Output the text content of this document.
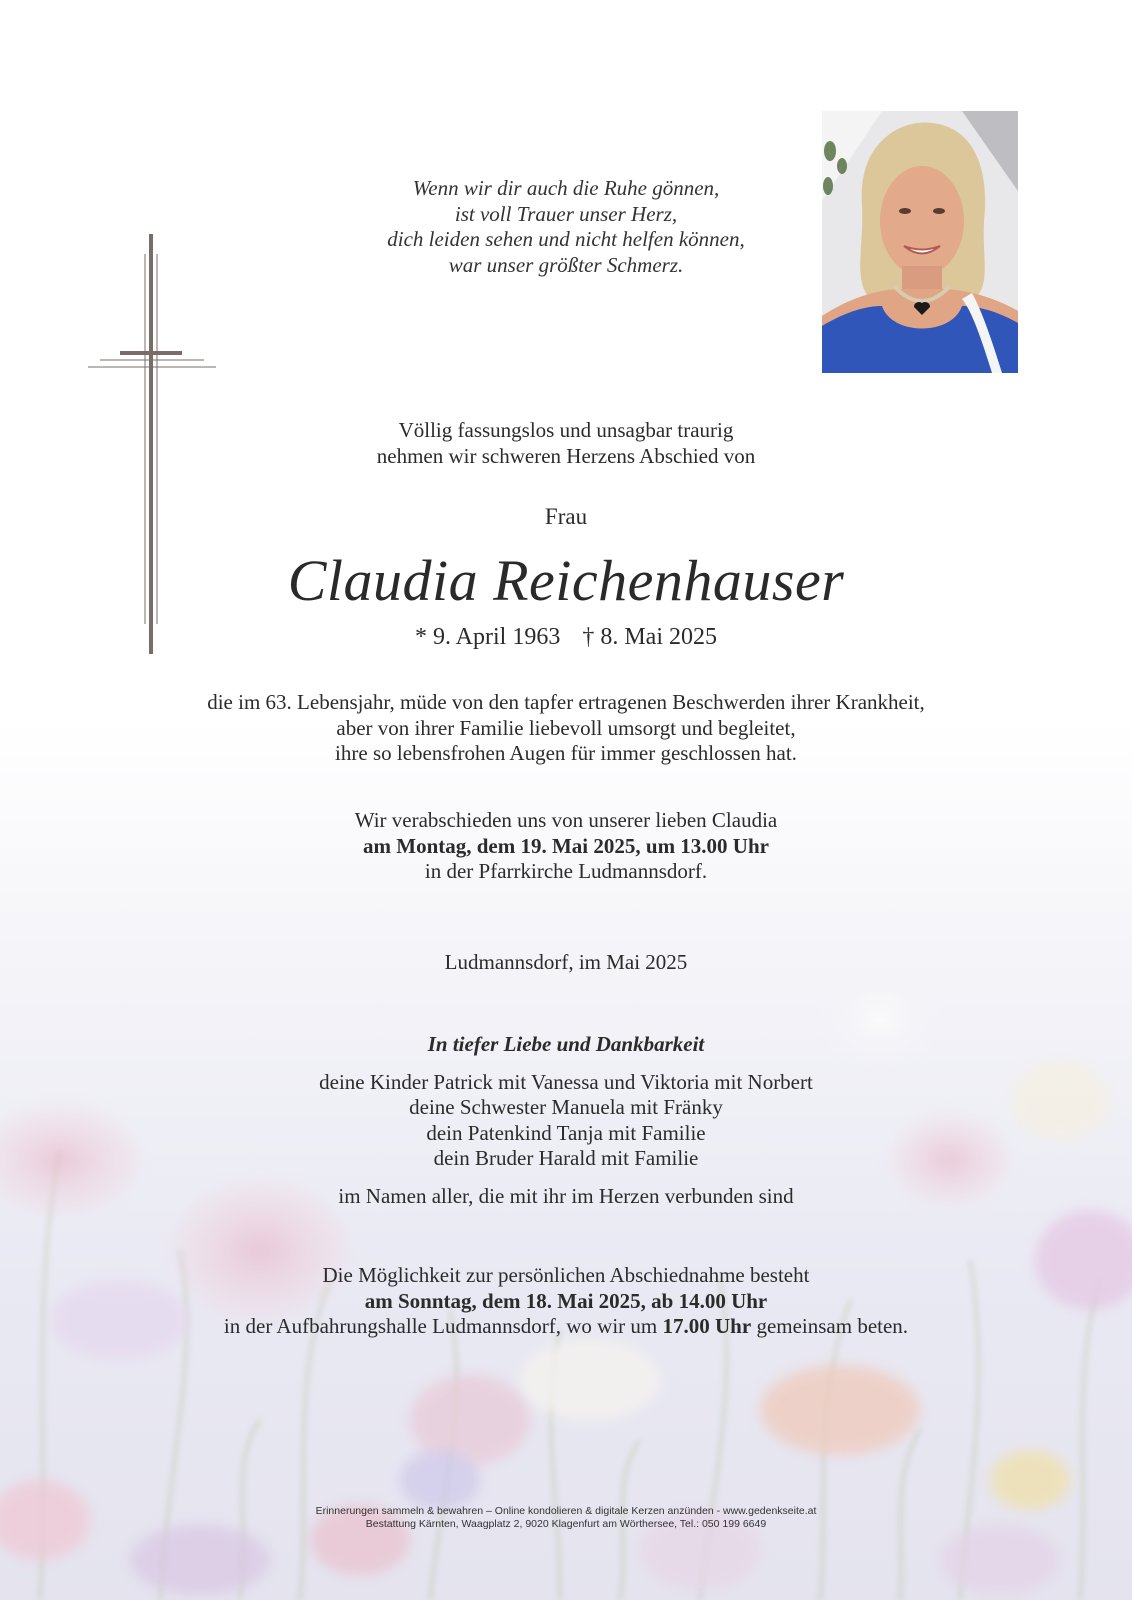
Wenn wir dir auch die Ruhe gönnen,
ist voll Trauer unser Herz,
dich leiden sehen und nicht helfen können,
war unser größter Schmerz.
Völlig fassungslos und unsagbar traurig
nehmen wir schweren Herzens Abschied von
Frau
Claudia Reichenhauser
* 9. April 1963 † 8. Mai 2025
die im 63. Lebensjahr, müde von den tapfer ertragenen Beschwerden ihrer Krankheit,
aber von ihrer Familie liebevoll umsorgt und begleitet,
ihre so lebensfrohen Augen für immer geschlossen hat.
Wir verabschieden uns von unserer lieben Claudia
am Montag, dem 19. Mai 2025, um 13.00 Uhr
in der Pfarrkirche Ludmannsdorf.
Ludmannsdorf, im Mai 2025
In tiefer Liebe und Dankbarkeit
deine Kinder Patrick mit Vanessa und Viktoria mit Norbert
deine Schwester Manuela mit Fränky
dein Patenkind Tanja mit Familie
dein Bruder Harald mit Familie
im Namen aller, die mit ihr im Herzen verbunden sind
Die Möglichkeit zur persönlichen Abschiednahme besteht
am Sonntag, dem 18. Mai 2025, ab 14.00 Uhr
in der Aufbahrungshalle Ludmannsdorf, wo wir um 17.00 Uhr gemeinsam beten.
Erinnerungen sammeln & bewahren – Online kondolieren & digitale Kerzen anzünden - www.gedenkseite.at
Bestattung Kärnten, Waagplatz 2, 9020 Klagenfurt am Wörthersee, Tel.: 050 199 6649
